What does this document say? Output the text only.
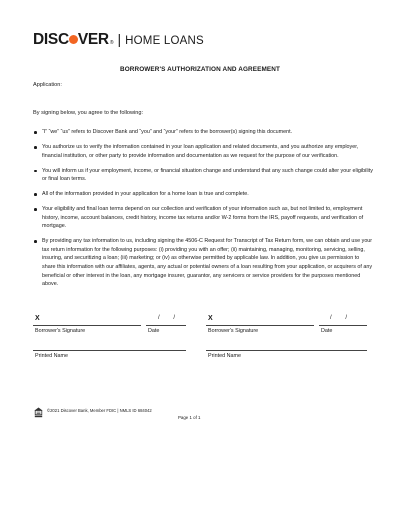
DISC VER ® | HOME LOANS
BORROWER'S AUTHORIZATION AND AGREEMENT
Application:
By signing below, you agree to the following:
“I” “we” “us” refers to Discover Bank and “you” and “your” refers to the borrower(s) signing this document.
You authorize us to verify the information contained in your loan application and related documents, and you authorize any employer, financial institution, or other party to provide information and documentation as we request for the purpose of our verification.
You will inform us if your employment, income, or financial situation change and understand that any such change could alter your eligibility or final loan terms.
All of the information provided in your application for a home loan is true and complete.
Your eligibility and final loan terms depend on our collection and verification of your information such as, but not limited to, employment history, income, account balances, credit history, income tax returns and/or W-2 forms from the IRS, payoff requests, and verification of mortgage.
By providing any tax information to us, including signing the 4506-C Request for Transcript of Tax Return form, we can obtain and use your tax return information for the following purposes: (i) providing you with an offer; (ii) maintaining, managing, monitoring, servicing, selling, insuring, and securitizing a loan; (iii) marketing; or (iv) as otherwise permitted by applicable law. In addition, you give us permission to share this information with our affiliates, agents, any actual or potential owners of a loan resulting from your application, or acquirers of any beneficial or other interest in the loan, any mortgage insurer, guarantor, any servicers or service providers for the purposes mentioned above.
X	/ /
Borrower's Signature	Date
X	/ /
Borrower's Signature	Date
Printed Name	Printed Name
©2021 Discover Bank, Member FDIC | NMLS ID 684042
Page 1 of 1
